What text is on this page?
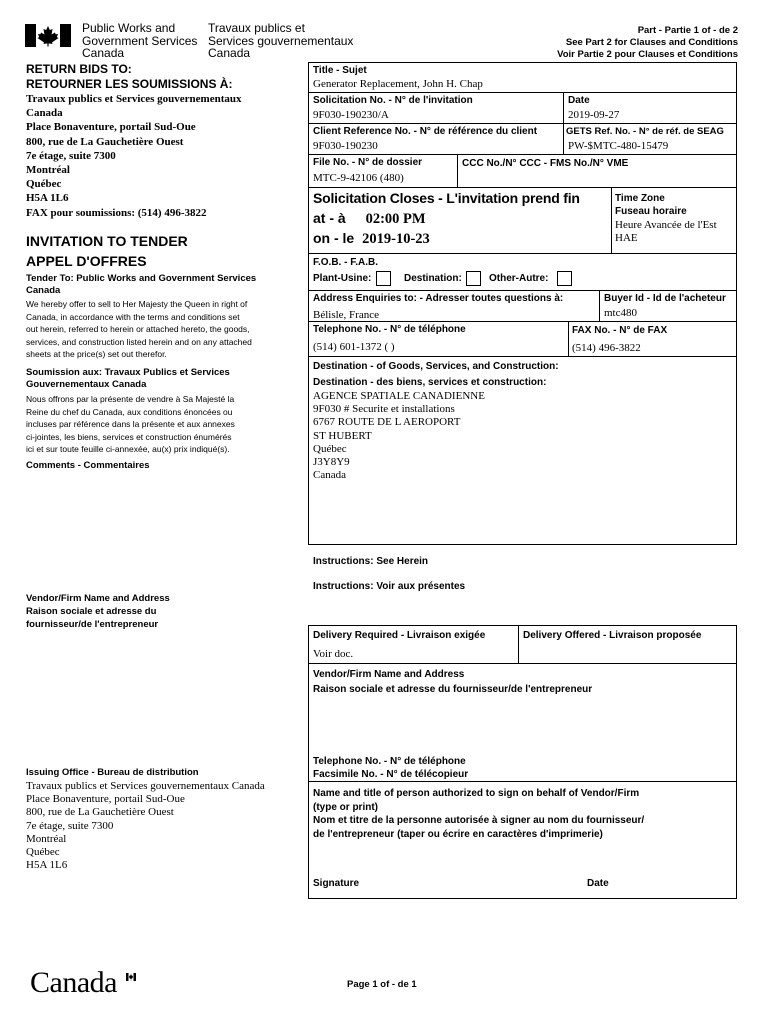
Public Works and
Government Services
Canada
Travaux publics et
Services gouvernementaux
Canada
Part - Partie 1 of - de 2
See Part 2 for Clauses and Conditions
Voir Partie 2 pour Clauses et Conditions
RETURN BIDS TO:
RETOURNER LES SOUMISSIONS À:
Travaux publics et Services gouvernementaux
Canada
Place Bonaventure, portail Sud-Oue
800, rue de La Gauchetière Ouest
7e étage, suite 7300
Montréal
Québec
H5A 1L6
FAX pour soumissions: (514) 496-3822
INVITATION TO TENDER
APPEL D'OFFRES
Tender To: Public Works and Government Services
Canada
We hereby offer to sell to Her Majesty the Queen in right of
Canada, in accordance with the terms and conditions set
out herein, referred to herein or attached hereto, the goods,
services, and construction listed herein and on any attached
sheets at the price(s) set out therefor.
Soumission aux: Travaux Publics et Services
Gouvernementaux Canada
Nous offrons par la présente de vendre à Sa Majesté la
Reine du chef du Canada, aux conditions énoncées ou
incluses par référence dans la présente et aux annexes
ci-jointes, les biens, services et construction énumérés
ici et sur toute feuille ci-annexée, au(x) prix indiqué(s).
Comments - Commentaires
Vendor/Firm Name and Address
Raison sociale et adresse du
fournisseur/de l'entrepreneur
Issuing Office - Bureau de distribution
Travaux publics et Services gouvernementaux Canada
Place Bonaventure, portail Sud-Oue
800, rue de La Gauchetière Ouest
7e étage, suite 7300
Montréal
Québec
H5A 1L6
Title - Sujet
Generator Replacement, John H. Chap
Solicitation No. - N° de l'invitation
9F030-190230/A
Date
2019-09-27
Client Reference No. - N° de référence du client
9F030-190230
GETS Ref. No. - N° de réf. de SEAG
PW-$MTC-480-15479
File No. - N° de dossier
MTC-9-42106 (480)
CCC No./N° CCC - FMS No./N° VME
Solicitation Closes - L'invitation prend fin
at - à 02:00 PM
on - le 2019-10-23
Time Zone
Fuseau horaire
Heure Avancée de l'Est
HAE
F.O.B. - F.A.B.
Plant-Usine:	Destination:	Other-Autre:
Address Enquiries to: - Adresser toutes questions à:
Bélisle, France
Buyer Id - Id de l'acheteur
mtc480
Telephone No. - N° de téléphone
(514) 601-1372 ( )
FAX No. - N° de FAX
(514) 496-3822
Destination - of Goods, Services, and Construction:
Destination - des biens, services et construction:
AGENCE SPATIALE CANADIENNE
9F030 # Securite et installations
6767 ROUTE DE L AEROPORT
ST HUBERT
Québec
J3Y8Y9
Canada
Instructions: See Herein
Instructions: Voir aux présentes
Delivery Required - Livraison exigée
Voir doc.
Delivery Offered - Livraison proposée
Vendor/Firm Name and Address
Raison sociale et adresse du fournisseur/de l'entrepreneur
Telephone No. - N° de téléphone
Facsimile No. - N° de télécopieur
Name and title of person authorized to sign on behalf of Vendor/Firm
(type or print)
Nom et titre de la personne autorisée à signer au nom du fournisseur/
de l'entrepreneur (taper ou écrire en caractères d'imprimerie)
Signature	Date
Canada	Page 1 of - de 1
